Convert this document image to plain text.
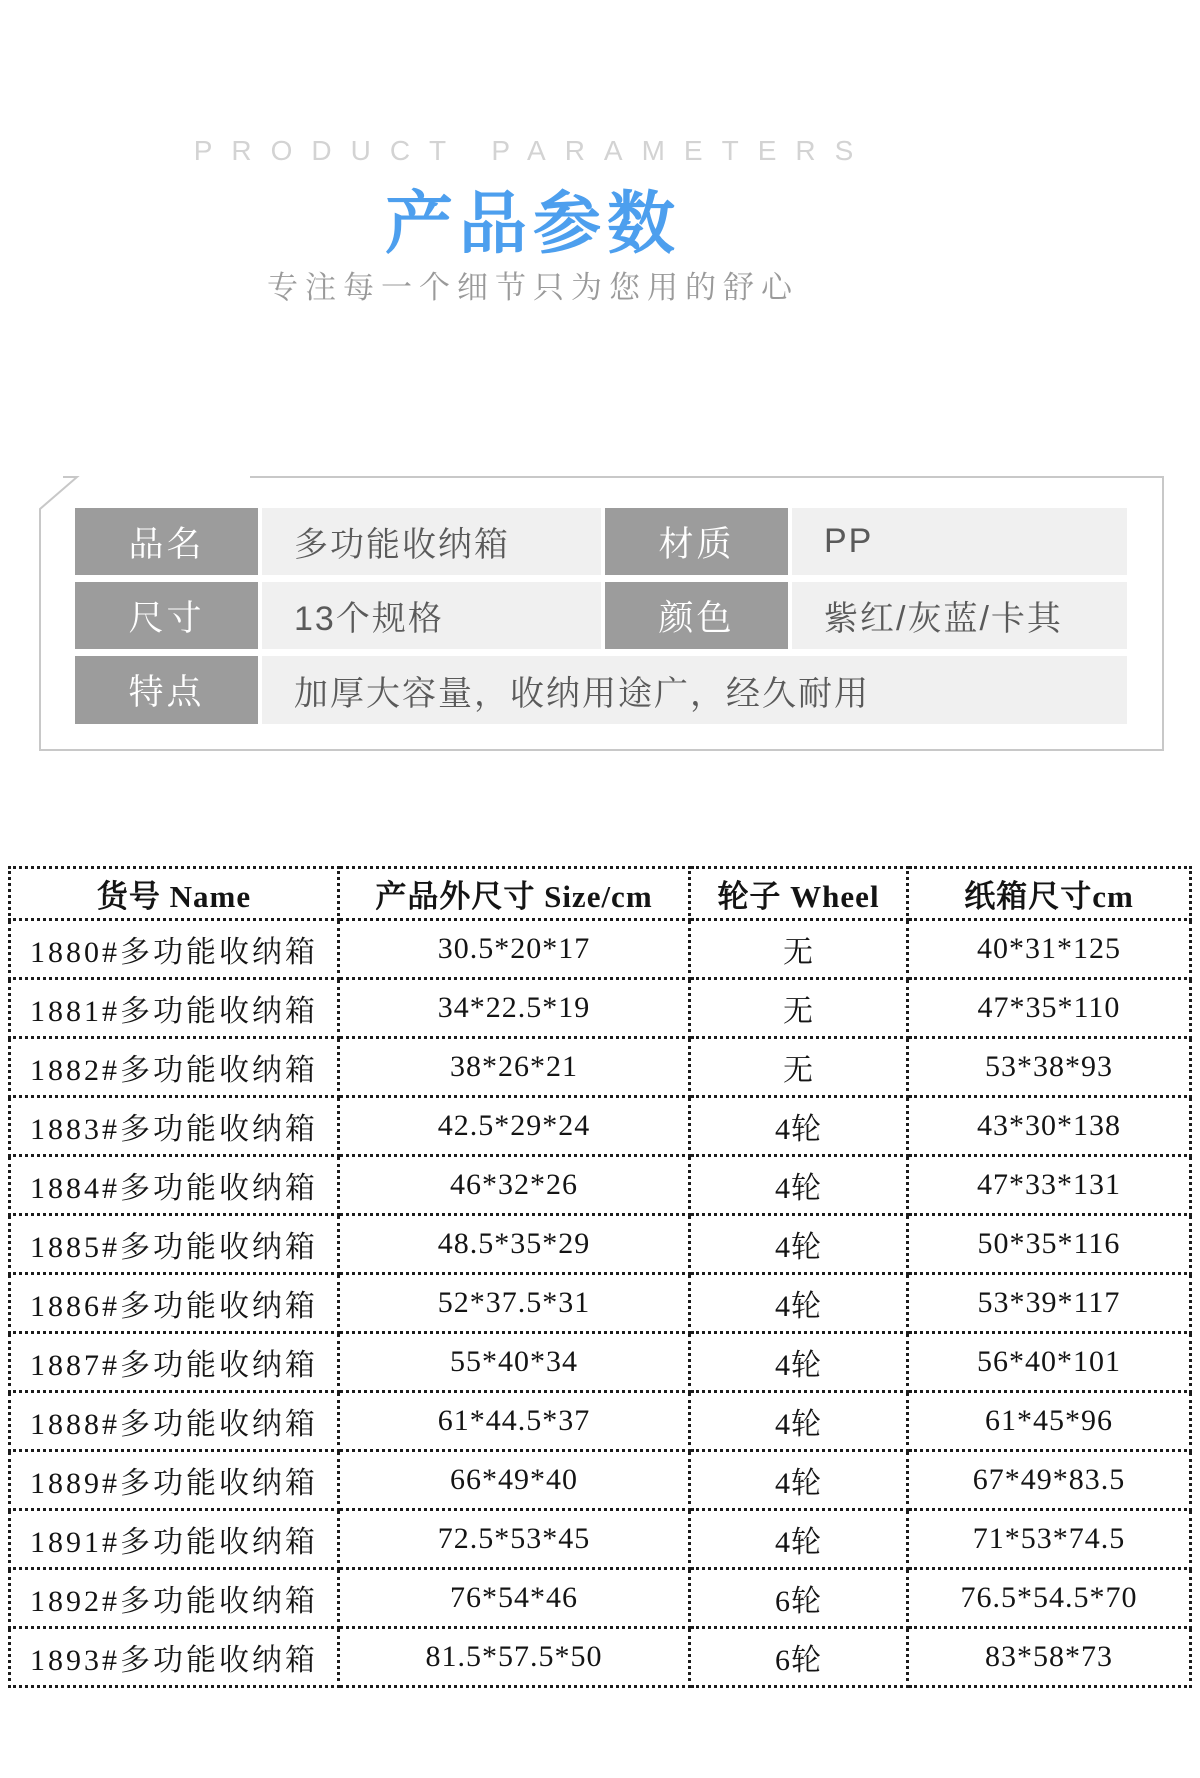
PRODUCT PARAMETERS
产品参数
专注每一个细节只为您用的舒心
品名	多功能收纳箱	材质	PP
尺寸	13个规格	颜色	紫红/灰蓝/卡其
特点	加厚大容量，收纳用途广，经久耐用
货号 Name	产品外尺寸 Size/cm	轮子 Wheel	纸箱尺寸cm
1880#多功能收纳箱	30.5*20*17	无	40*31*125
1881#多功能收纳箱	34*22.5*19	无	47*35*110
1882#多功能收纳箱	38*26*21	无	53*38*93
1883#多功能收纳箱	42.5*29*24	4轮	43*30*138
1884#多功能收纳箱	46*32*26	4轮	47*33*131
1885#多功能收纳箱	48.5*35*29	4轮	50*35*116
1886#多功能收纳箱	52*37.5*31	4轮	53*39*117
1887#多功能收纳箱	55*40*34	4轮	56*40*101
1888#多功能收纳箱	61*44.5*37	4轮	61*45*96
1889#多功能收纳箱	66*49*40	4轮	67*49*83.5
1891#多功能收纳箱	72.5*53*45	4轮	71*53*74.5
1892#多功能收纳箱	76*54*46	6轮	76.5*54.5*70
1893#多功能收纳箱	81.5*57.5*50	6轮	83*58*73
